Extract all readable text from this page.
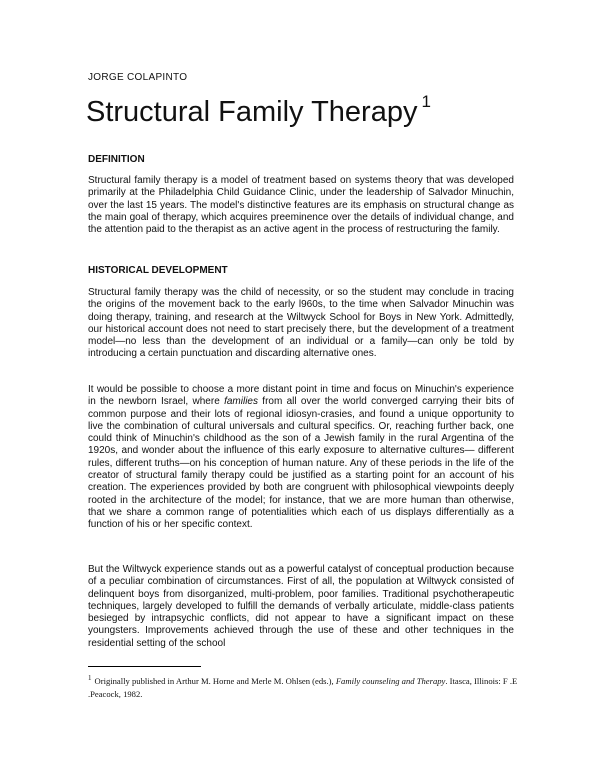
JORGE COLAPINTO
Structural Family Therapy $^1$
DEFINITION

Structural family therapy is a model of treatment based on systems theory that was developed primarily at the Philadelphia Child Guidance Clinic, under the leadership of Salvador Minuchin, over the last 15 years. The model's distinctive features are its emphasis on structural change as the main goal of therapy, which acquires preeminence over the details of individual change, and the attention paid to the therapist as an active agent in the process of restructuring the family.

HISTORICAL DEVELOPMENT

Structural family therapy was the child of necessity, or so the student may conclude in tracing the origins of the movement back to the early l960s, to the time when Salvador Minuchin was doing therapy, training, and research at the Wiltwyck School for Boys in New York. Admittedly, our historical account does not need to start precisely there, but the development of a treatment model—no less than the development of an individual or a family—can only be told by introducing a certain punctuation and discarding alternative ones.

It would be possible to choose a more distant point in time and focus on Minuchin's experience in the newborn Israel, where families from all over the world converged carrying their bits of common purpose and their lots of regional idiosyn-crasies, and found a unique opportunity to live the combination of cultural universals and cultural specifics. Or, reaching further back, one could think of Minuchin's childhood as the son of a Jewish family in the rural Argentina of the 1920s, and wonder about the influence of this early exposure to alternative cultures— different rules, different truths—on his conception of human nature. Any of these periods in the life of the creator of structural family therapy could be justified as a starting point for an account of his creation. The experiences provided by both are congruent with philosophical viewpoints deeply rooted in the architecture of the model; for instance, that we are more human than otherwise, that we share a common range of potentialities which each of us displays differentially as a function of his or her specific context.

But the Wiltwyck experience stands out as a powerful catalyst of conceptual production because of a peculiar combination of circumstances. First of all, the population at Wiltwyck consisted of delinquent boys from disorganized, multi-problem, poor families. Traditional psychotherapeutic techniques, largely developed to fulfill the demands of verbally articulate, middle-class patients besieged by intrapsychic conflicts, did not appear to have a significant impact on these youngsters. Improvements achieved through the use of these and other techniques in the residential setting of the school

$^1$ Originally published in Arthur M. Horne and Merle M. Ohlsen (eds.), Family counseling and Therapy. Itasca, Illinois: F .E .Peacock, 1982.
